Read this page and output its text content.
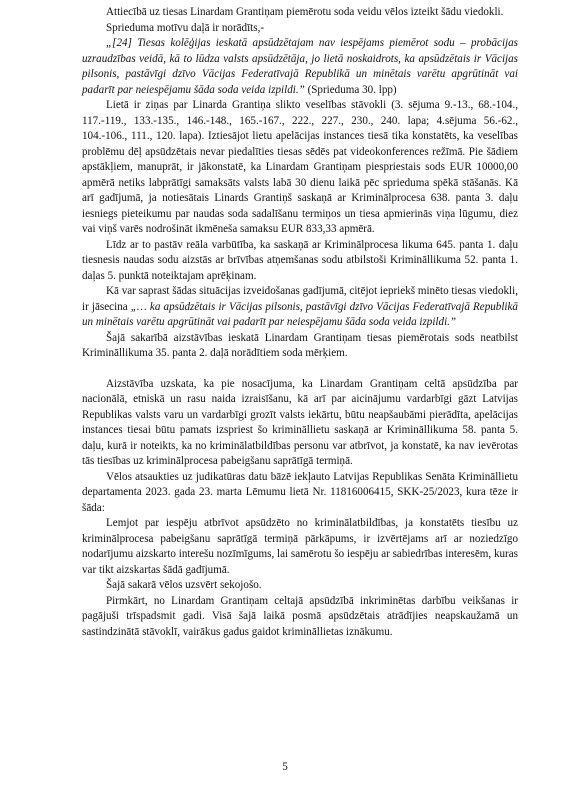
Attiecībā uz tiesas Linardam Grantiņam piemērotu soda veidu vēlos izteikt šādu viedokli.

Sprieduma motīvu daļā ir norādīts,-

„[24] Tiesas kolēģijas ieskatā apsūdzētajam nav iespējams piemērot sodu – probācijas uzraudzības veidā, kā to lūdza valsts apsūdzētāja, jo lietā noskaidrots, ka apsūdzētais ir Vācijas pilsonis, pastāvīgi dzīvo Vācijas Federatīvajā Republikā un minētais varētu apgrūtināt vai padarīt par neiespējamu šāda soda veida izpildi.” (Sprieduma 30. lpp)

Lietā ir ziņas par Linarda Grantiņa slikto veselības stāvokli (3. sējuma 9.-13., 68.-104., 117.-119., 133.-135., 146.-148., 165.-167., 222., 227., 230., 240. lapa; 4.sējuma 56.-62., 104.-106., 111., 120. lapa). Iztiesājot lietu apelācijas instances tiesā tika konstatēts, ka veselības problēmu dēļ apsūdzētais nevar piedalīties tiesas sēdēs pat videokonferences režīmā. Pie šādiem apstākļiem, manuprāt, ir jākonstatē, ka Linardam Grantiņam piespriestais sods EUR 10000,00 apmērā netiks labprātīgi samaksāts valsts labā 30 dienu laikā pēc sprieduma spēkā stāšanās. Kā arī gadījumā, ja notiesātais Linards Grantiņš saskaņā ar Kriminālprocesa 638. panta 3. daļu iesniegs pieteikumu par naudas soda sadalīšanu termiņos un tiesa apmierinās viņa lūgumu, diez vai viņš varēs nodrošināt ikmēneša samaksu EUR 833,33 apmērā.

Līdz ar to pastāv reāla varbūtība, ka saskaņā ar Kriminālprocesa likuma 645. panta 1. daļu tiesnesis naudas sodu aizstās ar brīvības atņemšanas sodu atbilstoši Krimināllikuma 52. panta 1. daļas 5. punktā noteiktajam aprēķinam.

Kā var saprast šādas situācijas izveidošanas gadījumā, citējot iepriekš minēto tiesas viedokli, ir jāsecina „… ka apsūdzētais ir Vācijas pilsonis, pastāvīgi dzīvo Vācijas Federatīvajā Republikā un minētais varētu apgrūtināt vai padarīt par neiespējamu šāda soda veida izpildi.”

Šajā sakarībā aizstāvības ieskatā Linardam Grantiņam tiesas piemērotais sods neatbilst Krimināllikuma 35. panta 2. daļā norādītiem soda mērķiem.

Aizstāvība uzskata, ka pie nosacījuma, ka Linardam Grantiņam celtā apsūdzība par nacionālā, etniskā un rasu naida izraisīšanu, kā arī par aicinājumu vardarbīgi gāzt Latvijas Republikas valsts varu un vardarbīgi grozīt valsts iekārtu, būtu neapšaubāmi pierādīta, apelācijas instances tiesai būtu pamats izspriest šo krimināllietu saskaņā ar Krimināllikuma 58. panta 5. daļu, kurā ir noteikts, ka no kriminālatbildības personu var atbrīvot, ja konstatē, ka nav ievērotas tās tiesības uz kriminālprocesa pabeigšanu saprātīgā termiņā.

Vēlos atsaukties uz judikatūras datu bāzē iekļauto Latvijas Republikas Senāta Krimināllietu departamenta 2023. gada 23. marta Lēmumu lietā Nr. 11816006415, SKK-25/2023, kura tēze ir šāda:

Lemjot par iespēju atbrīvot apsūdzēto no kriminālatbildības, ja konstatēts tiesību uz kriminālprocesa pabeigšanu saprātīgā termiņā pārkāpums, ir izvērtējams arī ar noziedzīgo nodarījumu aizskarto interešu nozīmīgums, lai samērotu šo iespēju ar sabiedrības interesēm, kuras var tikt aizskartas šādā gadījumā.

Šajā sakarā vēlos uzsvērt sekojošo.

Pirmkārt, no Linardam Grantiņam celtajā apsūdzībā inkriminētas darbību veikšanas ir pagājuši trīspadsmit gadi. Visā šajā laikā posmā apsūdzētais atrādījies neapskaužamā un sastindzinātā stāvoklī, vairākus gadus gaidot krimināllietas iznākumu.

5
